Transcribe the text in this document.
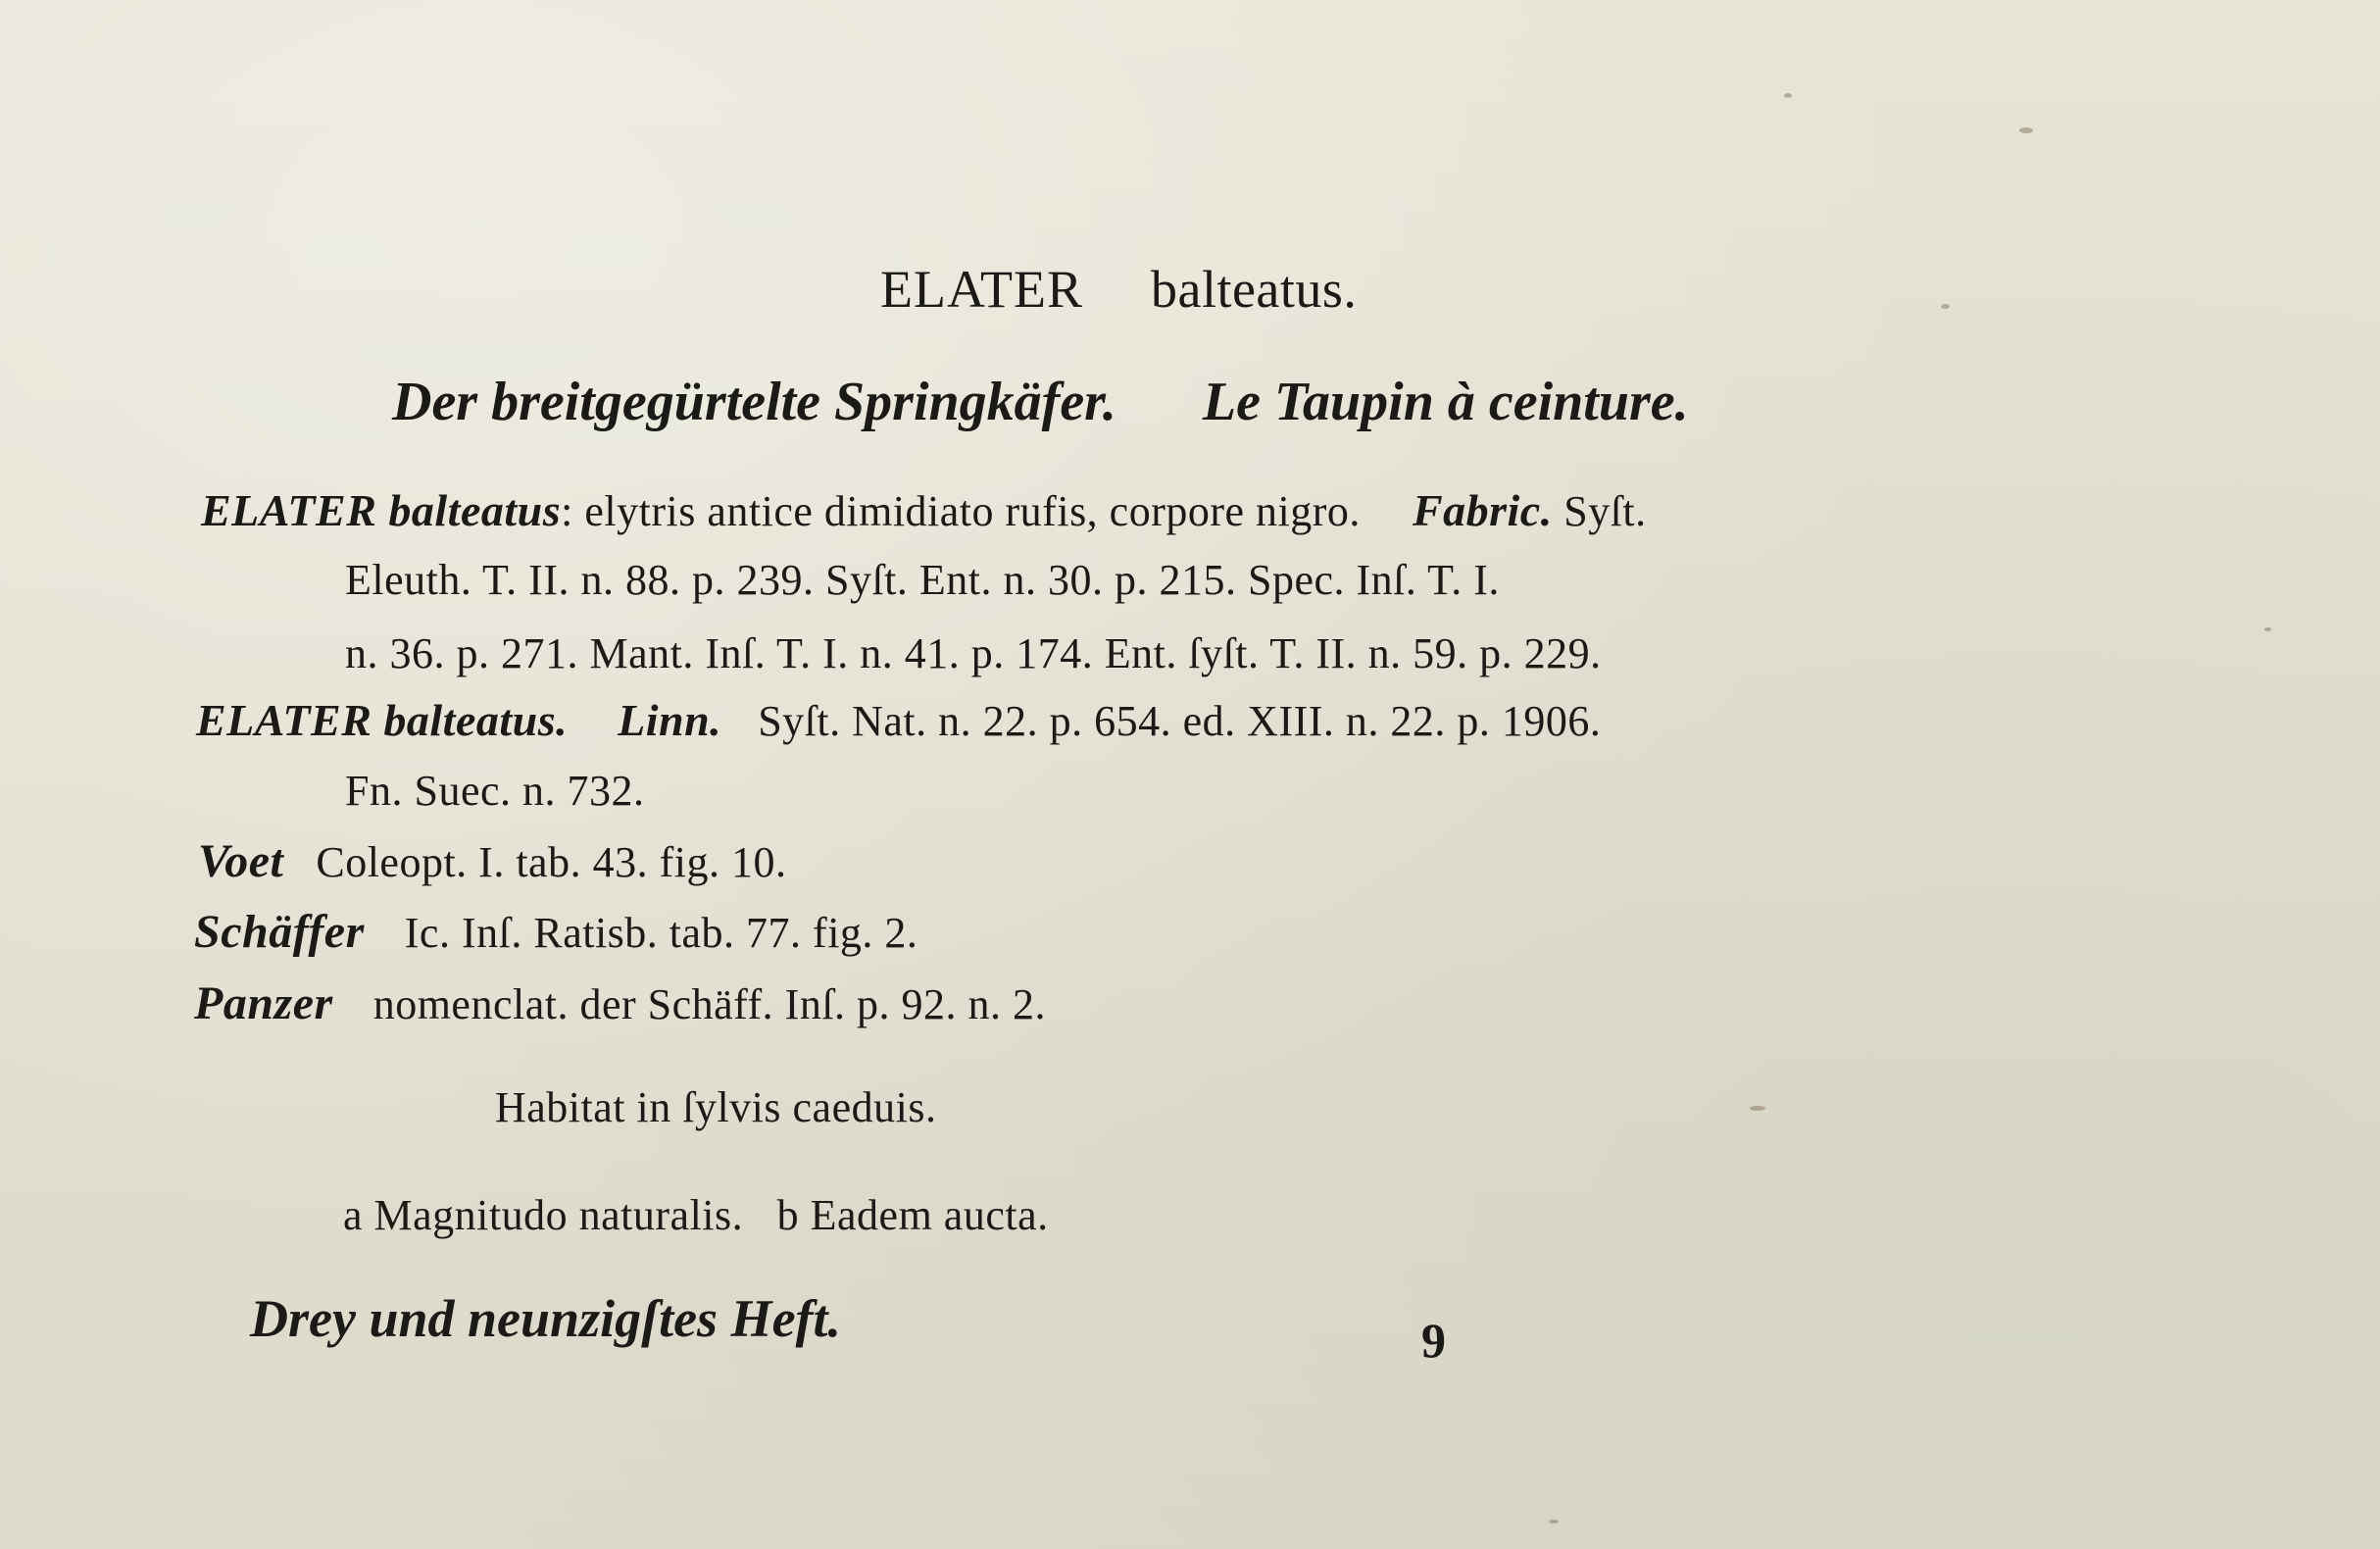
ELATER balteatus.
Der breitgegürtelte Springkäfer. Le Taupin à ceinture.
ELATER balteatus: elytris antice dimidiato rufis, corpore nigro. Fabric. Syſt.
Eleuth. T. II. n. 88. p. 239. Syſt. Ent. n. 30. p. 215. Spec. Inſ. T. I.
n. 36. p. 271. Mant. Inſ. T. I. n. 41. p. 174. Ent. ſyſt. T. II. n. 59. p. 229.
ELATER balteatus. Linn. Syſt. Nat. n. 22. p. 654. ed. XIII. n. 22. p. 1906.
Fn. Suec. n. 732.
Voet Coleopt. I. tab. 43. fig. 10.
Schäffer Ic. Inſ. Ratisb. tab. 77. fig. 2.
Panzer nomenclat. der Schäff. Inſ. p. 92. n. 2.
Habitat in ſylvis caeduis.
a Magnitudo naturalis.   b Eadem aucta.
Drey und neunzigſtes Heft.	9
